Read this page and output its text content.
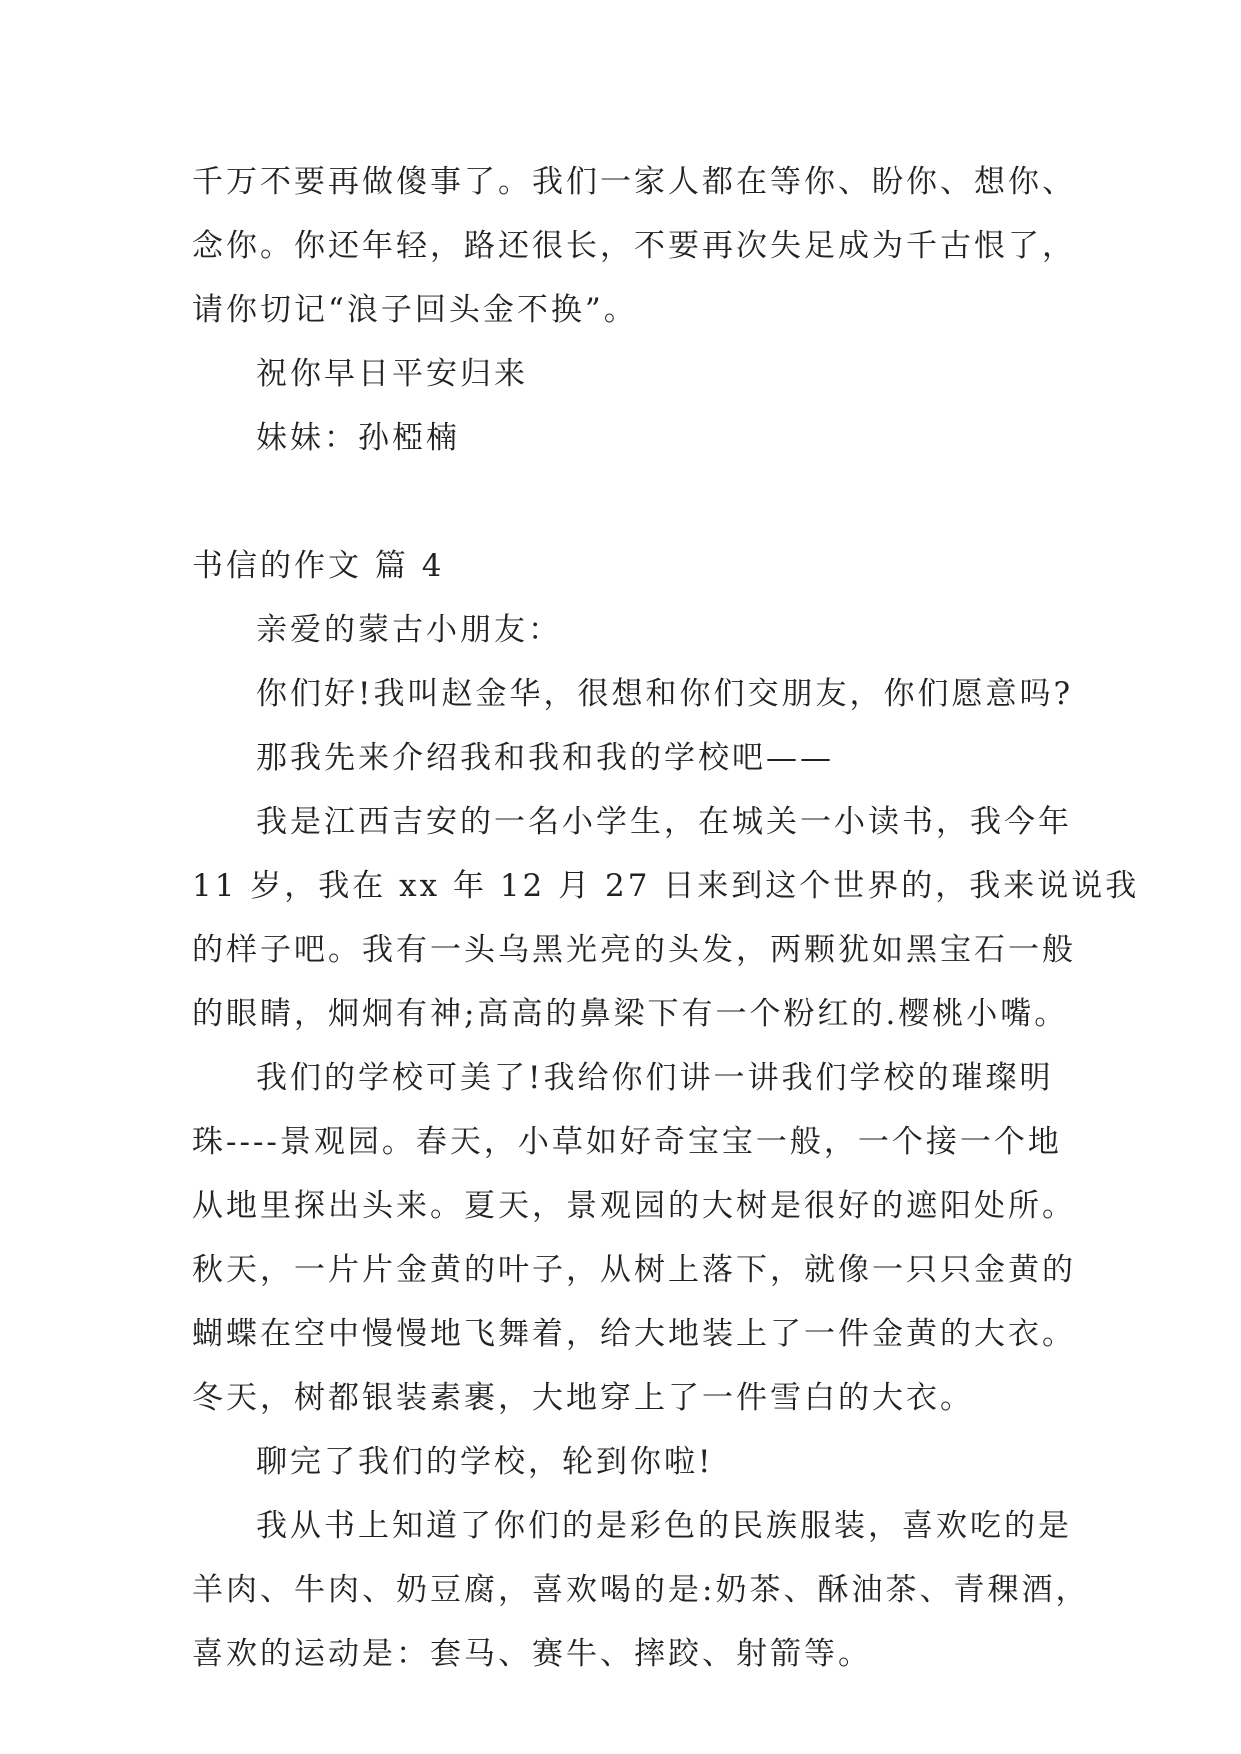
千万不要再做傻事了。我们一家人都在等你、盼你、想你、
念你。你还年轻，路还很长，不要再次失足成为千古恨了，
请你切记“浪子回头金不换”。
祝你早日平安归来
妹妹：孙椏楠
书信的作文 篇 4
亲爱的蒙古小朋友：
你们好!我叫赵金华，很想和你们交朋友，你们愿意吗?
那我先来介绍我和我和我的学校吧——
我是江西吉安的一名小学生，在城关一小读书，我今年
11 岁，我在 xx 年 12 月 27 日来到这个世界的，我来说说我
的样子吧。我有一头乌黑光亮的头发，两颗犹如黑宝石一般
的眼睛，炯炯有神;高高的鼻梁下有一个粉红的.樱桃小嘴。
我们的学校可美了!我给你们讲一讲我们学校的璀璨明
珠----景观园。春天，小草如好奇宝宝一般，一个接一个地
从地里探出头来。夏天，景观园的大树是很好的遮阳处所。
秋天，一片片金黄的叶子，从树上落下，就像一只只金黄的
蝴蝶在空中慢慢地飞舞着，给大地装上了一件金黄的大衣。
冬天，树都银装素裹，大地穿上了一件雪白的大衣。
聊完了我们的学校，轮到你啦!
我从书上知道了你们的是彩色的民族服装，喜欢吃的是
羊肉、牛肉、奶豆腐，喜欢喝的是:奶茶、酥油茶、青稞酒，
喜欢的运动是：套马、赛牛、摔跤、射箭等。
